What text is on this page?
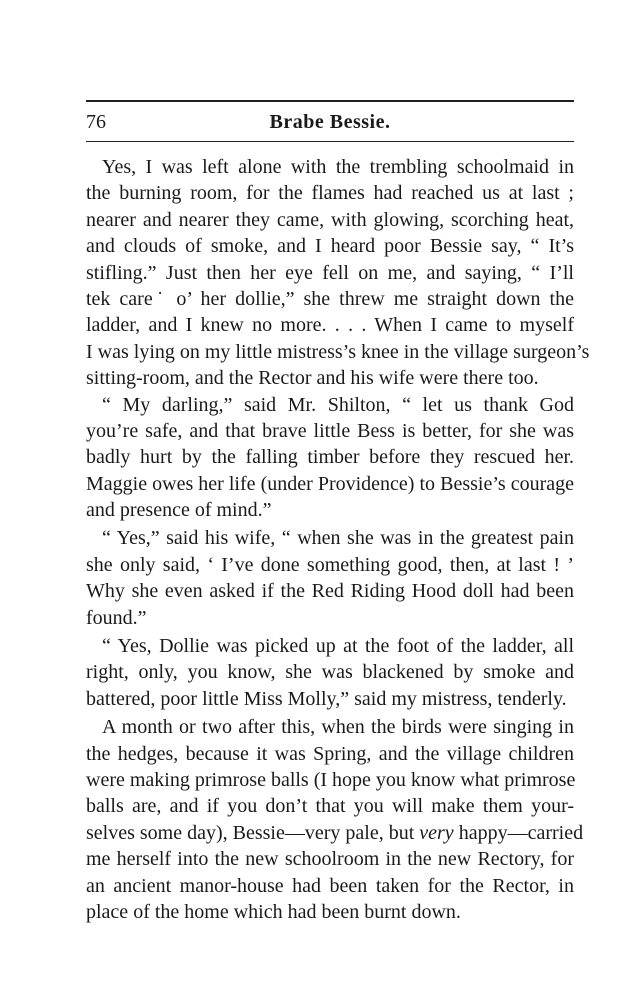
76	Brabe Bessie.
Yes, I was left alone with the trembling schoolmaid in
the burning room, for the flames had reached us at last ;
nearer and nearer they came, with glowing, scorching heat,
and clouds of smoke, and I heard poor Bessie say, “ It’s
stifling.” Just then her eye fell on me, and saying, “ I’ll
tek care˙ o’ her dollie,” she threw me straight down the
ladder, and I knew no more. . . . When I came to myself
I was lying on my little mistress’s knee in the village surgeon’s
sitting-room, and the Rector and his wife were there too.
“ My darling,” said Mr. Shilton, “ let us thank God
you’re safe, and that brave little Bess is better, for she was
badly hurt by the falling timber before they rescued her.
Maggie owes her life (under Providence) to Bessie’s courage
and presence of mind.”
“ Yes,” said his wife, “ when she was in the greatest pain
she only said, ‘ I’ve done something good, then, at last ! ’
Why she even asked if the Red Riding Hood doll had been
found.”
“ Yes, Dollie was picked up at the foot of the ladder, all
right, only, you know, she was blackened by smoke and
battered, poor little Miss Molly,” said my mistress, tenderly.
A month or two after this, when the birds were singing in
the hedges, because it was Spring, and the village children
were making primrose balls (I hope you know what primrose
balls are, and if you don’t that you will make them your-
selves some day), Bessie—very pale, but very happy—carried
me herself into the new schoolroom in the new Rectory, for
an ancient manor-house had been taken for the Rector, in
place of the home which had been burnt down.
